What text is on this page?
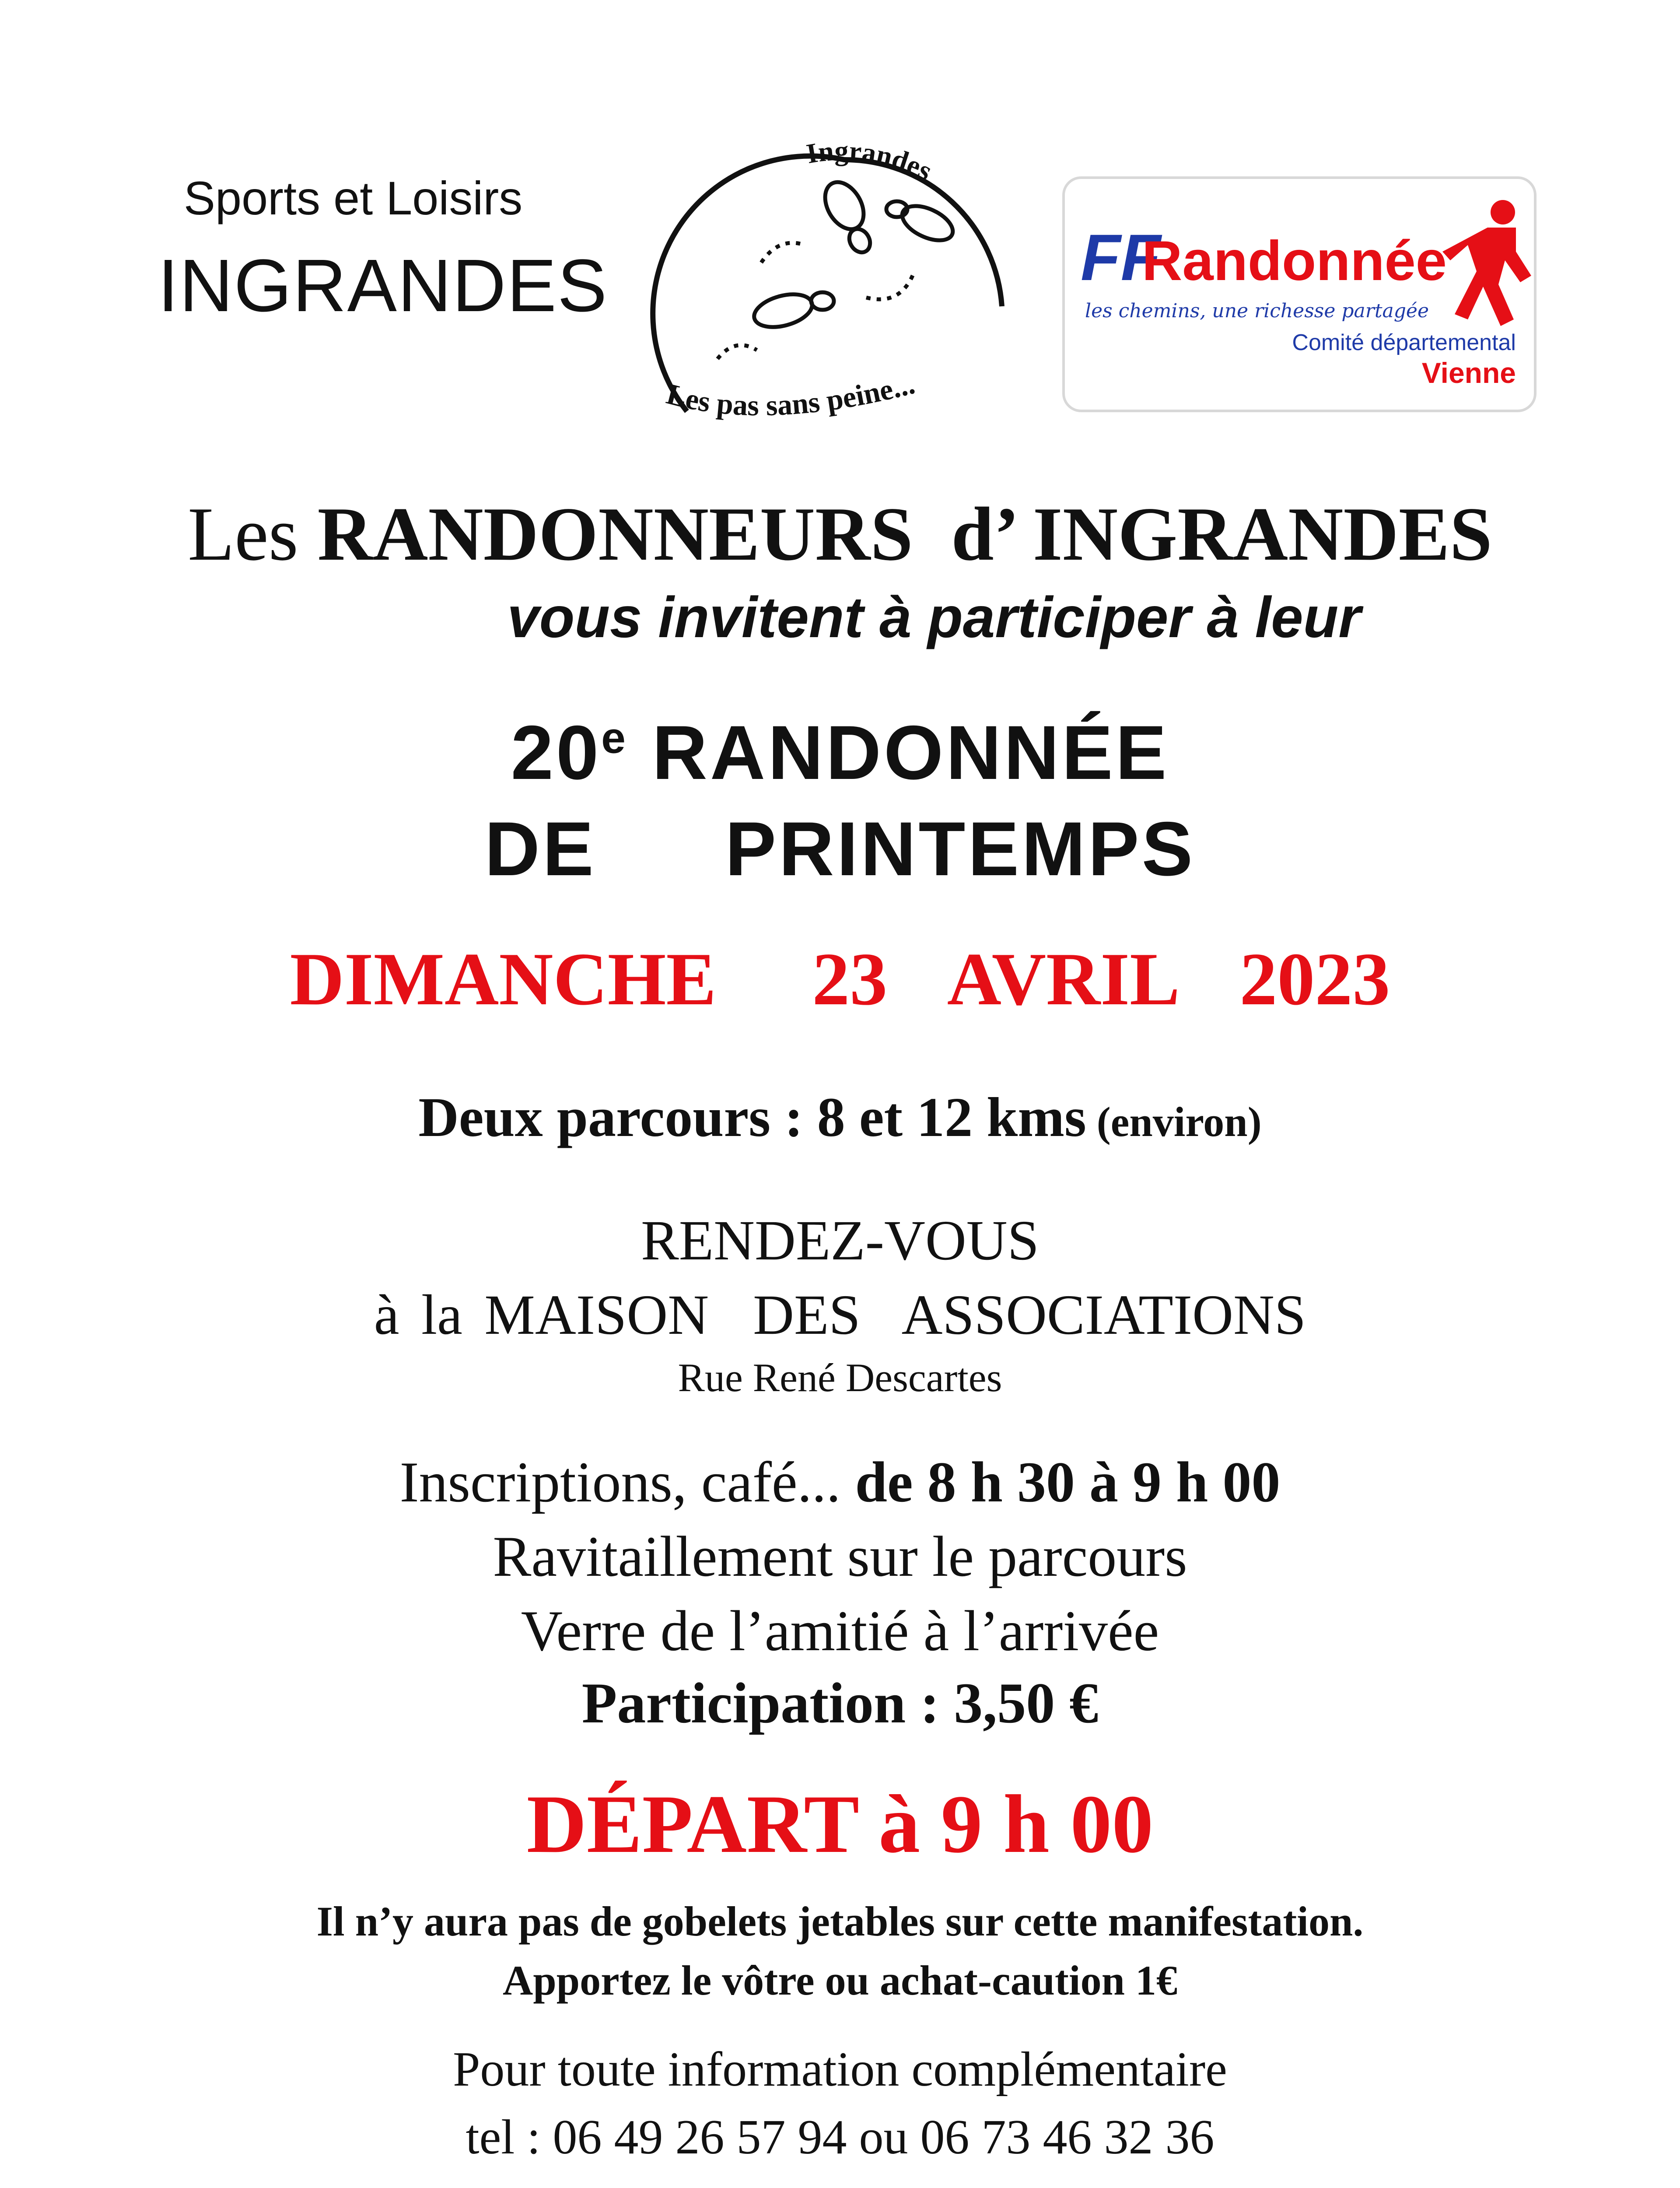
Sports et Loisirs
INGRANDES
Ingrandes
Les pas sans peine...
FF
Randonnée
les chemins, une richesse partagée
Comité départemental
Vienne
Les RANDONNEURS  d’ INGRANDES
vous invitent à participer à leur
20e RANDONNÉE
DE PRINTEMPS
DIMANCHE   23  AVRIL  2023
Deux parcours : 8 et 12 kms (environ)
RENDEZ-VOUS
à la MAISON  DES  ASSOCIATIONS
Rue René Descartes
Inscriptions, café... de 8 h 30 à 9 h 00
Ravitaillement sur le parcours
Verre de l’amitié à l’arrivée
Participation : 3,50 €
DÉPART à 9 h 00
Il n’y aura pas de gobelets jetables sur cette manifestation.
Apportez le vôtre ou achat-caution 1€
Pour toute information complémentaire
tel : 06 49 26 57 94 ou 06 73 46 32 36
